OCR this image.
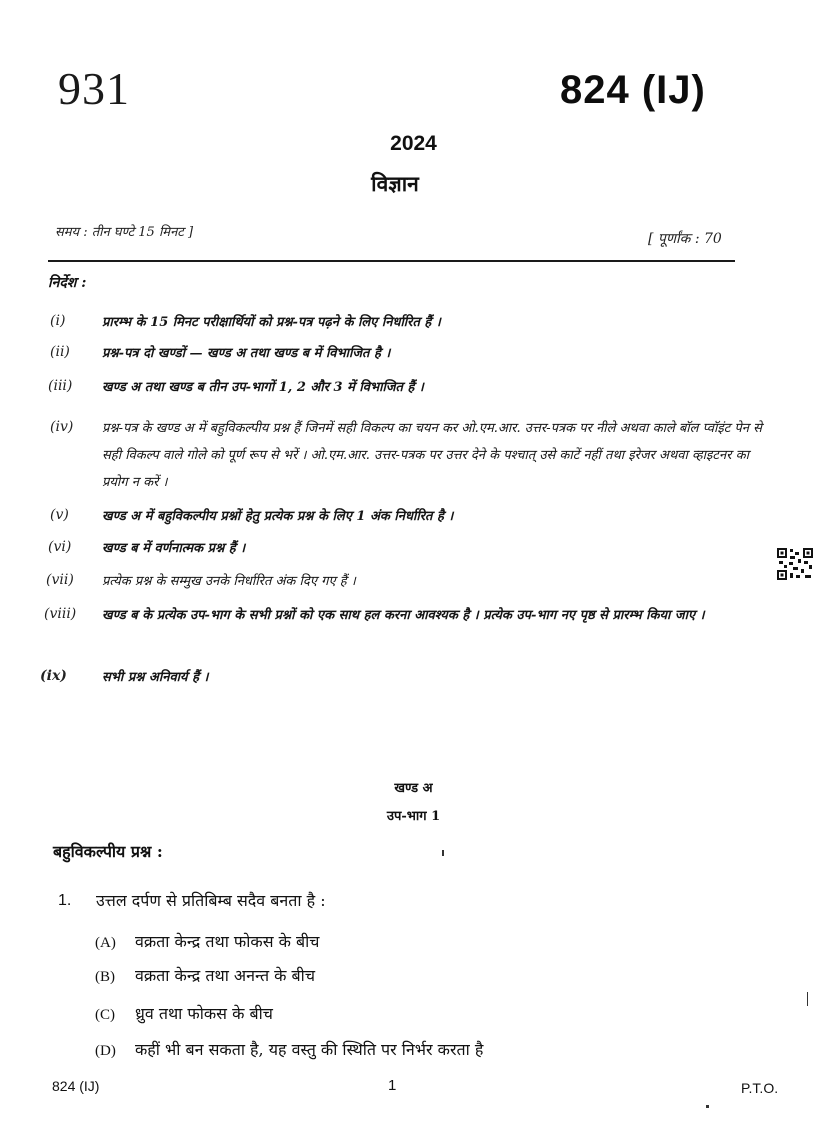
931	824 (IJ)
2024
विज्ञान
समय : तीन घण्टे 15 मिनट ]	[ पूर्णांक : 70
निर्देश :
(i)	प्रारम्भ के 15 मिनट परीक्षार्थियों को प्रश्न-पत्र पढ़ने के लिए निर्धारित हैं ।
(ii) प्रश्न-पत्र दो खण्डों — खण्ड अ तथा खण्ड ब में विभाजित है ।
(iii) खण्ड अ तथा खण्ड ब तीन उप-भागों 1, 2 और 3 में विभाजित हैं ।
(iv) प्रश्न-पत्र के खण्ड अ में बहुविकल्पीय प्रश्न हैं जिनमें सही विकल्प का चयन कर ओ.एम.आर. उत्तर-पत्रक पर नीले अथवा काले बॉल प्वॉइंट पेन से सही विकल्प वाले गोले को पूर्ण रूप से भरें । ओ.एम.आर. उत्तर-पत्रक पर उत्तर देने के पश्चात् उसे काटें नहीं तथा इरेजर अथवा व्हाइटनर का प्रयोग न करें ।
(v)	खण्ड अ में बहुविकल्पीय प्रश्नों हेतु प्रत्येक प्रश्न के लिए 1 अंक निर्धारित है ।
(vi) खण्ड ब में वर्णनात्मक प्रश्न हैं ।
(vii) प्रत्येक प्रश्न के सम्मुख उनके निर्धारित अंक दिए गए हैं ।
(viii) खण्ड ब के प्रत्येक उप-भाग के सभी प्रश्नों को एक साथ हल करना आवश्यक है । प्रत्येक उप-भाग नए पृष्ठ से प्रारम्भ किया जाए ।
(ix)	सभी प्रश्न अनिवार्य हैं ।
खण्ड अ
उप-भाग 1
बहुविकल्पीय प्रश्न :
1. उत्तल दर्पण से प्रतिबिम्ब सदैव बनता है :
(A) वक्रता केन्द्र तथा फोकस के बीच
(B) वक्रता केन्द्र तथा अनन्त के बीच
(C) ध्रुव तथा फोकस के बीच
(D) कहीं भी बन सकता है, यह वस्तु की स्थिति पर निर्भर करता है
824 (IJ)	1	P.T.O.
